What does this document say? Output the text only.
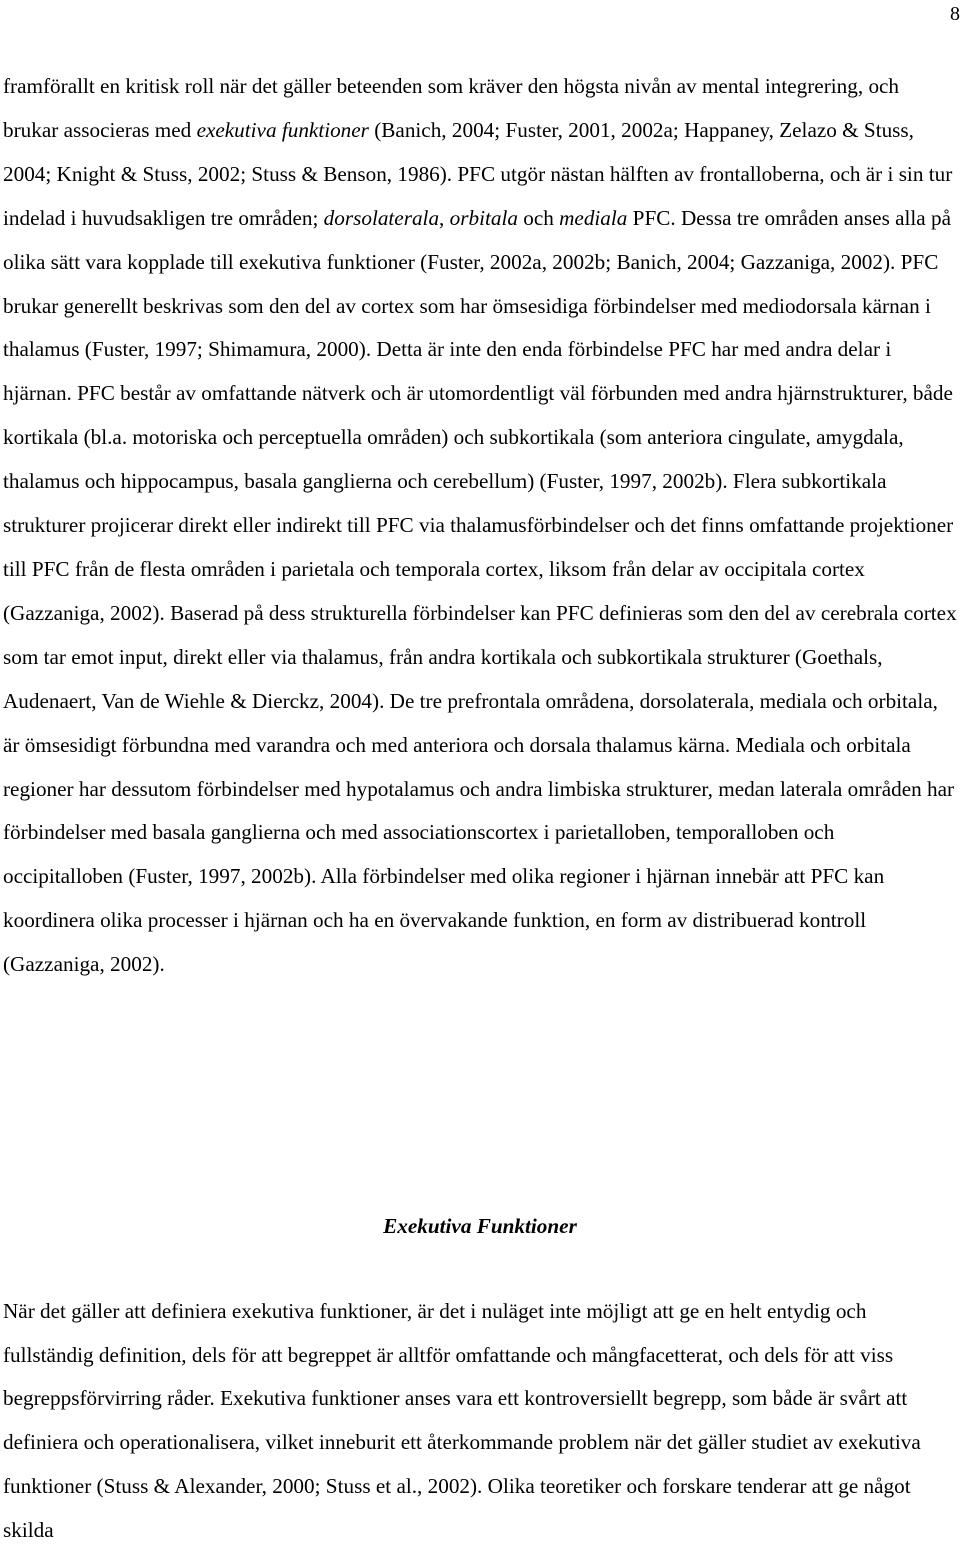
8

framförallt en kritisk roll när det gäller beteenden som kräver den högsta nivån av mental integrering, och brukar associeras med exekutiva funktioner (Banich, 2004; Fuster, 2001, 2002a; Happaney, Zelazo & Stuss, 2004; Knight & Stuss, 2002; Stuss & Benson, 1986). PFC utgör nästan hälften av frontalloberna, och är i sin tur indelad i huvudsakligen tre områden; dorsolaterala, orbitala och mediala PFC. Dessa tre områden anses alla på olika sätt vara kopplade till exekutiva funktioner (Fuster, 2002a, 2002b; Banich, 2004; Gazzaniga, 2002). PFC brukar generellt beskrivas som den del av cortex som har ömsesidiga förbindelser med mediodorsala kärnan i thalamus (Fuster, 1997; Shimamura, 2000). Detta är inte den enda förbindelse PFC har med andra delar i hjärnan. PFC består av omfattande nätverk och är utomordentligt väl förbunden med andra hjärnstrukturer, både kortikala (bl.a. motoriska och perceptuella områden) och subkortikala (som anteriora cingulate, amygdala, thalamus och hippocampus, basala ganglierna och cerebellum) (Fuster, 1997, 2002b). Flera subkortikala strukturer projicerar direkt eller indirekt till PFC via thalamusförbindelser och det finns omfattande projektioner till PFC från de flesta områden i parietala och temporala cortex, liksom från delar av occipitala cortex (Gazzaniga, 2002). Baserad på dess strukturella förbindelser kan PFC definieras som den del av cerebrala cortex som tar emot input, direkt eller via thalamus, från andra kortikala och subkortikala strukturer (Goethals, Audenaert, Van de Wiehle & Dierckz, 2004). De tre prefrontala områdena, dorsolaterala, mediala och orbitala, är ömsesidigt förbundna med varandra och med anteriora och dorsala thalamus kärna. Mediala och orbitala regioner har dessutom förbindelser med hypotalamus och andra limbiska strukturer, medan laterala områden har förbindelser med basala ganglierna och med associationscortex i parietalloben, temporalloben och occipitalloben (Fuster, 1997, 2002b). Alla förbindelser med olika regioner i hjärnan innebär att PFC kan koordinera olika processer i hjärnan och ha en övervakande funktion, en form av distribuerad kontroll (Gazzaniga, 2002).

Exekutiva Funktioner

När det gäller att definiera exekutiva funktioner, är det i nuläget inte möjligt att ge en helt entydig och fullständig definition, dels för att begreppet är alltför omfattande och mångfacetterat, och dels för att viss begreppsförvirring råder. Exekutiva funktioner anses vara ett kontroversiellt begrepp, som både är svårt att definiera och operationalisera, vilket inneburit ett återkommande problem när det gäller studiet av exekutiva funktioner (Stuss & Alexander, 2000; Stuss et al., 2002). Olika teoretiker och forskare tenderar att ge något skilda
